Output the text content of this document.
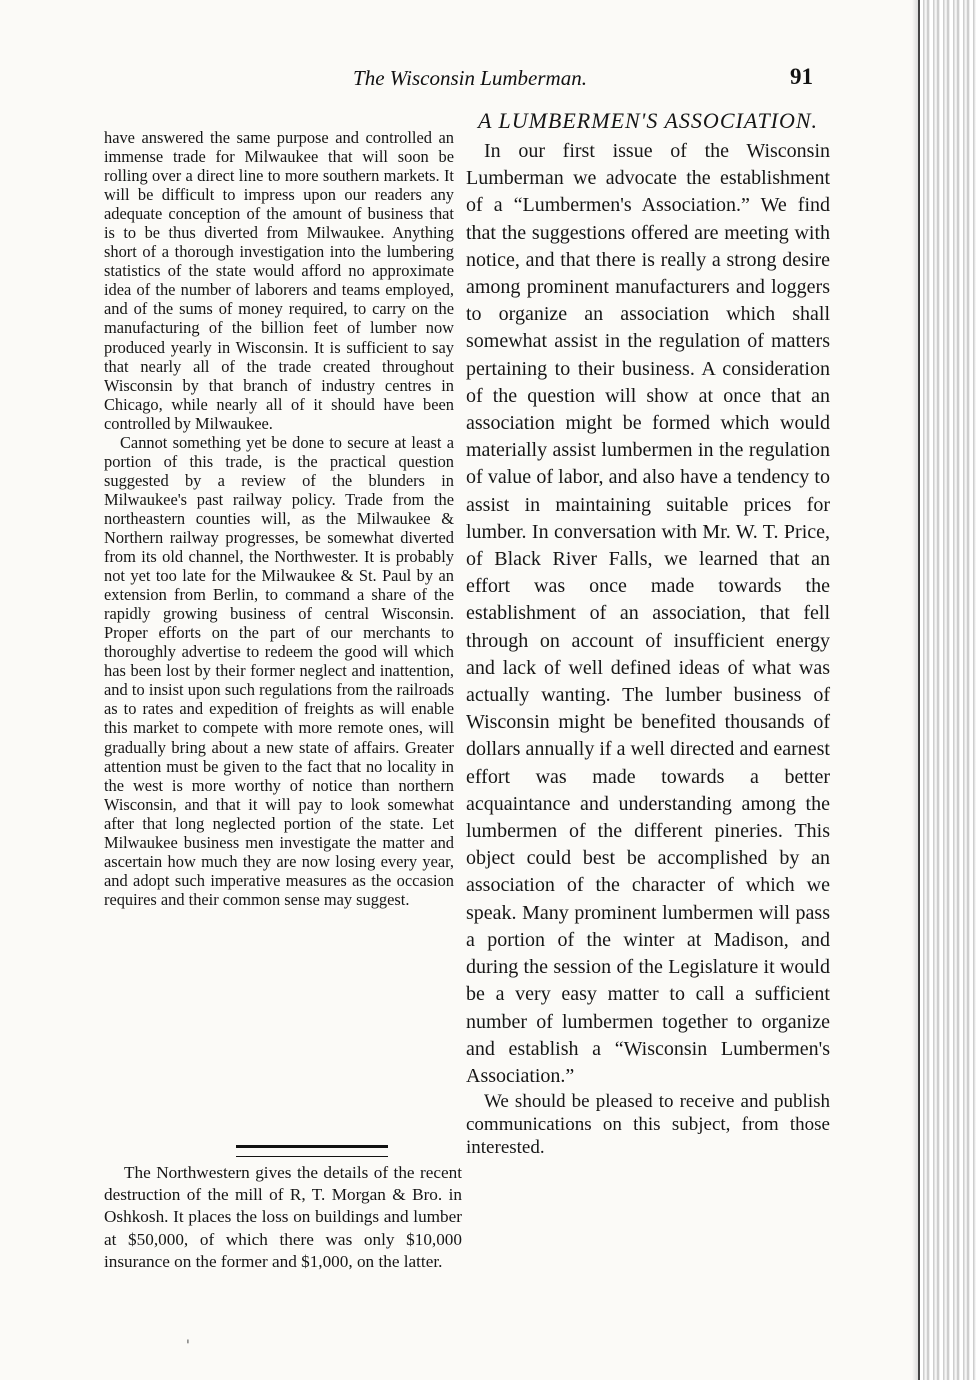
The Wisconsin Lumberman.	91

have answered the same purpose and controlled an immense trade for Milwaukee that will soon be rolling over a direct line to more southern markets. It will be difficult to impress upon our readers any adequate conception of the amount of business that is to be thus diverted from Milwaukee. Anything short of a thorough investigation into the lumbering statistics of the state would afford no approximate idea of the number of laborers and teams employed, and of the sums of money required, to carry on the manufacturing of the billion feet of lumber now produced yearly in Wisconsin. It is sufficient to say that nearly all of the trade created throughout Wisconsin by that branch of industry centres in Chicago, while nearly all of it should have been controlled by Milwaukee.

Cannot something yet be done to secure at least a portion of this trade, is the practical question suggested by a review of the blunders in Milwaukee's past railway policy. Trade from the northeastern counties will, as the Milwaukee & Northern railway progresses, be somewhat diverted from its old channel, the Northwester. It is probably not yet too late for the Milwaukee & St. Paul by an extension from Berlin, to command a share of the rapidly growing business of central Wisconsin. Proper efforts on the part of our merchants to thoroughly advertise to redeem the good will which has been lost by their former neglect and inattention, and to insist upon such regulations from the railroads as to rates and expedition of freights as will enable this market to compete with more remote ones, will gradually bring about a new state of affairs. Greater attention must be given to the fact that no locality in the west is more worthy of notice than northern Wisconsin, and that it will pay to look somewhat after that long neglected portion of the state. Let Milwaukee business men investigate the matter and ascertain how much they are now losing every year, and adopt such imperative measures as the occasion requires and their common sense may suggest.

The Northwestern gives the details of the recent destruction of the mill of R, T. Morgan & Bro. in Oshkosh. It places the loss on buildings and lumber at $50,000, of which there was only $10,000 insurance on the former and $1,000, on the latter.

A LUMBERMEN'S ASSOCIATION.

In our first issue of the Wisconsin Lumberman we advocate the establishment of a “Lumbermen's Association.” We find that the suggestions offered are meeting with notice, and that there is really a strong desire among prominent manufacturers and loggers to organize an association which shall somewhat assist in the regulation of matters pertaining to their business. A consideration of the question will show at once that an association might be formed which would materially assist lumbermen in the regulation of value of labor, and also have a tendency to assist in maintaining suitable prices for lumber. In conversation with Mr. W. T. Price, of Black River Falls, we learned that an effort was once made towards the establishment of an association, that fell through on account of insufficient energy and lack of well defined ideas of what was actually wanting. The lumber business of Wisconsin might be benefited thousands of dollars annually if a well directed and earnest effort was made towards a better acquaintance and understanding among the lumbermen of the different pineries. This object could best be accomplished by an association of the character of which we speak. Many prominent lumbermen will pass a portion of the winter at Madison, and during the session of the Legislature it would be a very easy matter to call a sufficient number of lumbermen together to organize and establish a “Wisconsin Lumbermen's Association.”

We should be pleased to receive and publish communications on this subject, from those interested.

'
